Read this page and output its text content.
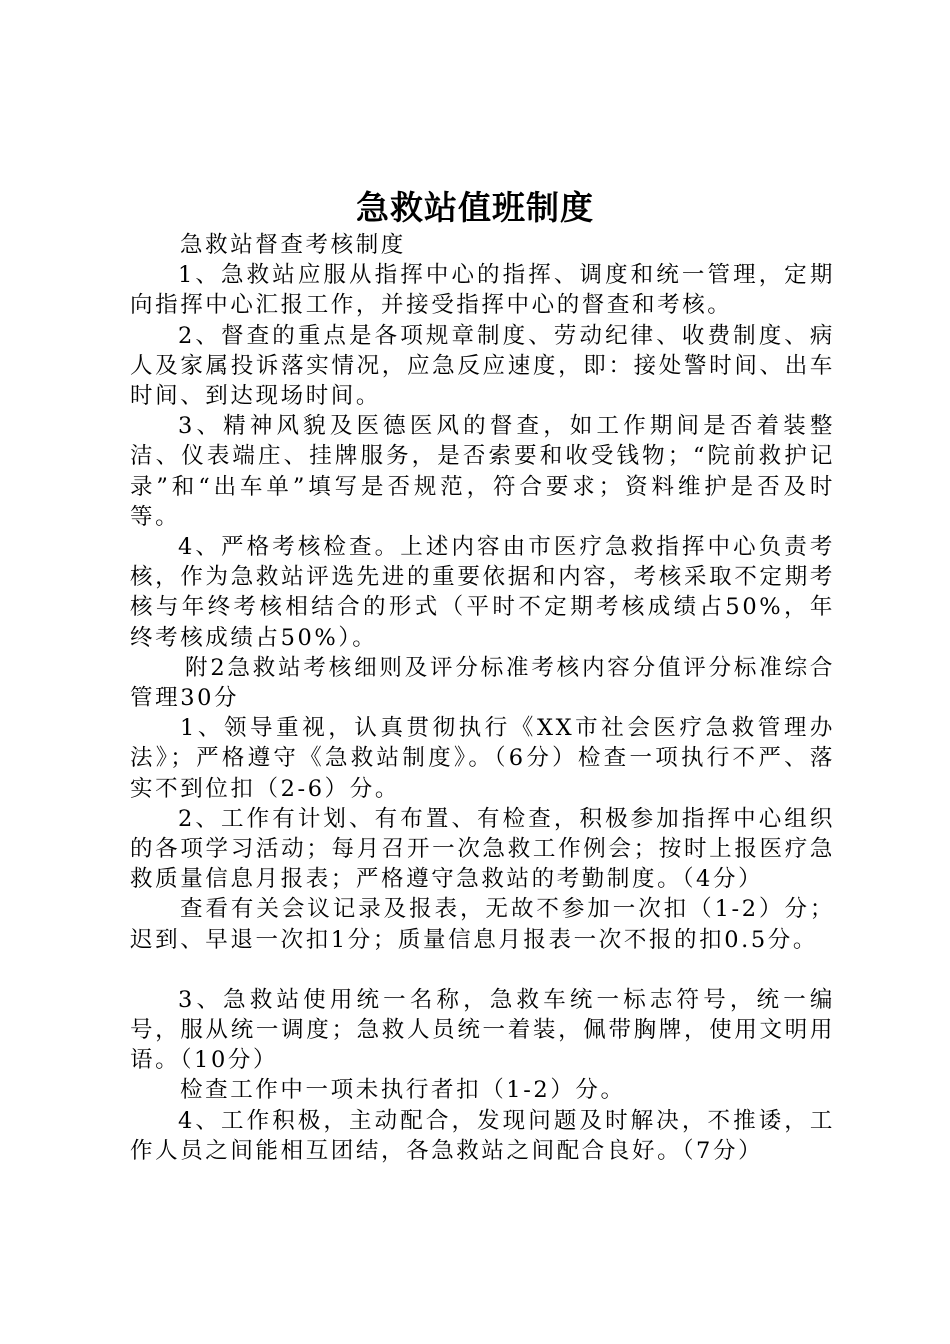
急救站值班制度

急救站督查考核制度

1、急救站应服从指挥中心的指挥、调度和统一管理，定期向指挥中心汇报工作，并接受指挥中心的督查和考核。

2、督查的重点是各项规章制度、劳动纪律、收费制度、病人及家属投诉落实情况，应急反应速度，即：接处警时间、出车时间、到达现场时间。

3、精神风貌及医德医风的督查，如工作期间是否着装整洁、仪表端庄、挂牌服务，是否索要和收受钱物；“院前救护记录”和“出车单”填写是否规范，符合要求；资料维护是否及时等。

4、严格考核检查。上述内容由市医疗急救指挥中心负责考核，作为急救站评选先进的重要依据和内容，考核采取不定期考核与年终考核相结合的形式（平时不定期考核成绩占50%，年终考核成绩占50%）。

附2急救站考核细则及评分标准考核内容分值评分标准综合管理30分

1、领导重视，认真贯彻执行《XX市社会医疗急救管理办法》；严格遵守《急救站制度》。（6分）检查一项执行不严、落实不到位扣（2-6）分。

2、工作有计划、有布置、有检查，积极参加指挥中心组织的各项学习活动；每月召开一次急救工作例会；按时上报医疗急救质量信息月报表；严格遵守急救站的考勤制度。（4分）

查看有关会议记录及报表，无故不参加一次扣（1-2）分；迟到、早退一次扣1分；质量信息月报表一次不报的扣0.5分。

3、急救站使用统一名称，急救车统一标志符号，统一编号，服从统一调度；急救人员统一着装，佩带胸牌，使用文明用语。（10分）

检查工作中一项未执行者扣（1-2）分。

4、工作积极，主动配合，发现问题及时解决，不推诿，工作人员之间能相互团结，各急救站之间配合良好。（7分）
